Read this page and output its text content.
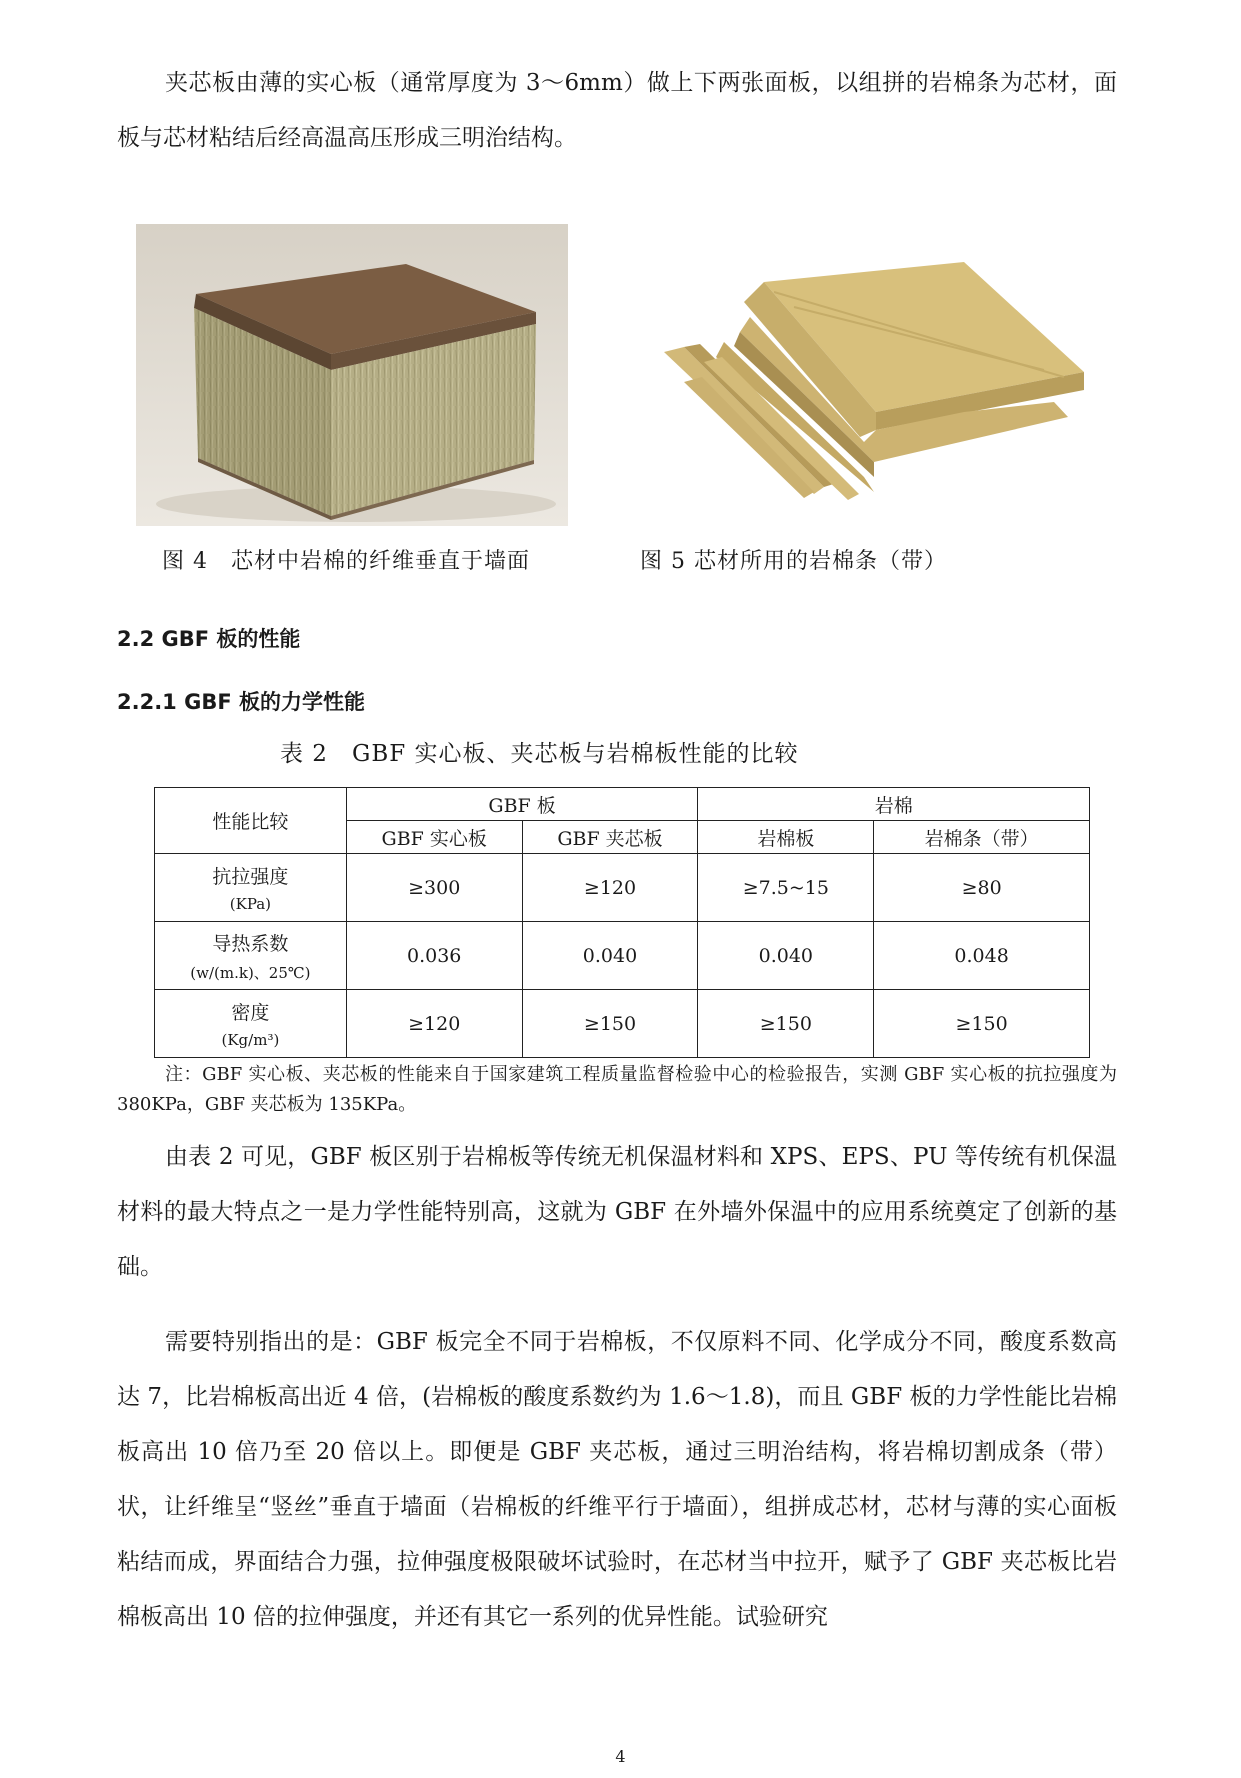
夹芯板由薄的实心板（通常厚度为 3～6mm）做上下两张面板，以组拼的岩棉条为芯材，面板与芯材粘结后经高温高压形成三明治结构。

图 4　芯材中岩棉的纤维垂直于墙面	图 5 芯材所用的岩棉条（带）
2.2 GBF 板的性能
2.2.1 GBF 板的力学性能
表 2　GBF 实心板、夹芯板与岩棉板性能的比较
性能比较	GBF 板		岩棉	
	GBF 实心板	GBF 夹芯板	岩棉板	岩棉条（带）
抗拉强度
(KPa)	≥300	≥120	≥7.5~15	≥80
导热系数
(w/(m.k)、25℃)	0.036	0.040	0.040	0.048
密度
(Kg/m³)	≥120	≥150	≥150	≥150

注：GBF 实心板、夹芯板的性能来自于国家建筑工程质量监督检验中心的检验报告，实测 GBF 实心板的抗拉强度为 380KPa，GBF 夹芯板为 135KPa。

由表 2 可见，GBF 板区别于岩棉板等传统无机保温材料和 XPS、EPS、PU 等传统有机保温材料的最大特点之一是力学性能特别高，这就为 GBF 在外墙外保温中的应用系统奠定了创新的基础。

需要特别指出的是：GBF 板完全不同于岩棉板，不仅原料不同、化学成分不同，酸度系数高达 7，比岩棉板高出近 4 倍，(岩棉板的酸度系数约为 1.6～1.8)，而且 GBF 板的力学性能比岩棉板高出 10 倍乃至 20 倍以上。即便是 GBF 夹芯板，通过三明治结构，将岩棉切割成条（带）状，让纤维呈“竖丝”垂直于墙面（岩棉板的纤维平行于墙面），组拼成芯材，芯材与薄的实心面板粘结而成，界面结合力强，拉伸强度极限破坏试验时，在芯材当中拉开，赋予了 GBF 夹芯板比岩棉板高出 10 倍的拉伸强度，并还有其它一系列的优异性能。试验研究

4
